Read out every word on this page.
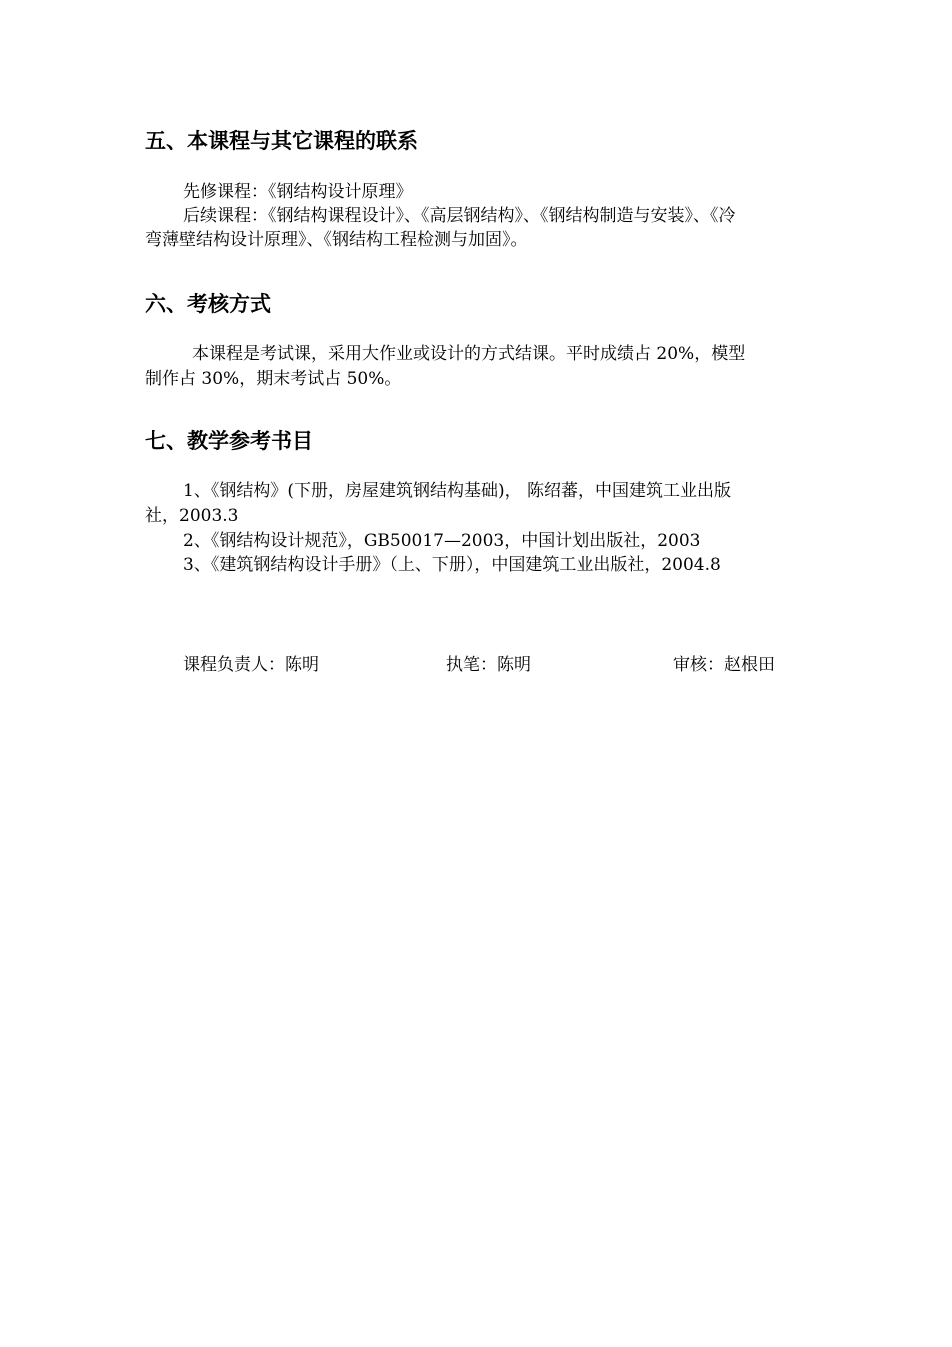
五、本课程与其它课程的联系
先修课程：《钢结构设计原理》
后续课程：《钢结构课程设计》、《高层钢结构》、《钢结构制造与安装》、《冷
弯薄壁结构设计原理》、《钢结构工程检测与加固》。
六、考核方式
本课程是考试课，采用大作业或设计的方式结课。平时成绩占 20%，模型
制作占 30%，期末考试占 50%。
七、教学参考书目
1、《钢结构》(下册，房屋建筑钢结构基础)， 陈绍蕃，中国建筑工业出版
社，2003.3
2、《钢结构设计规范》，GB50017—2003，中国计划出版社，2003
3、《建筑钢结构设计手册》（上、下册），中国建筑工业出版社，2004.8
课程负责人：陈明	执笔：陈明	审核：赵根田
